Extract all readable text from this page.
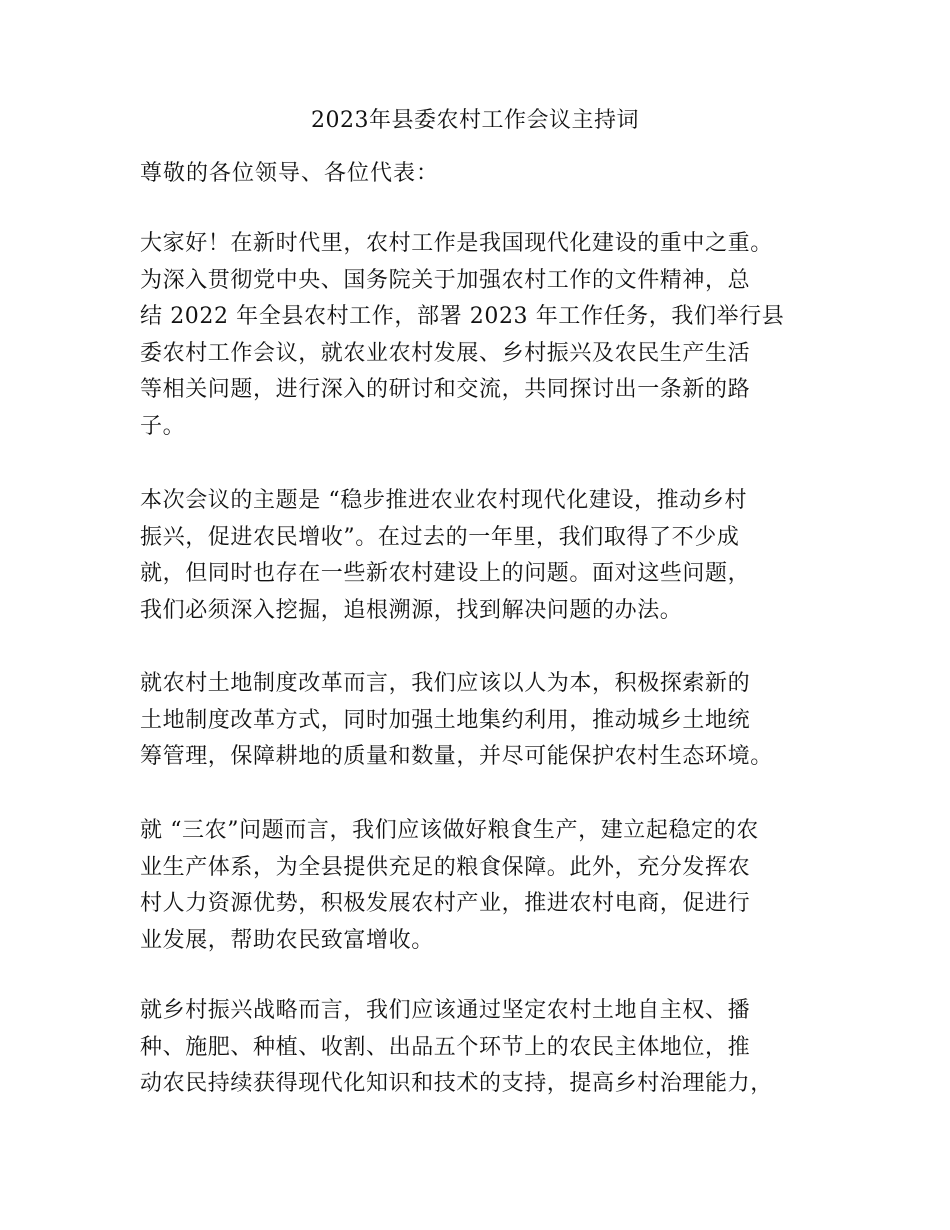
2023年县委农村工作会议主持词

尊敬的各位领导、各位代表：

大家好！在新时代里，农村工作是我国现代化建设的重中之重。
为深入贯彻党中央、国务院关于加强农村工作的文件精神，总
结 2022 年全县农村工作，部署 2023 年工作任务，我们举行县
委农村工作会议，就农业农村发展、乡村振兴及农民生产生活
等相关问题，进行深入的研讨和交流，共同探讨出一条新的路
子。

本次会议的主题是 “稳步推进农业农村现代化建设，推动乡村
振兴，促进农民增收”。在过去的一年里，我们取得了不少成
就，但同时也存在一些新农村建设上的问题。面对这些问题，
我们必须深入挖掘，追根溯源，找到解决问题的办法。

就农村土地制度改革而言，我们应该以人为本，积极探索新的
土地制度改革方式，同时加强土地集约利用，推动城乡土地统
筹管理，保障耕地的质量和数量，并尽可能保护农村生态环境。

就 “三农”问题而言，我们应该做好粮食生产，建立起稳定的农
业生产体系，为全县提供充足的粮食保障。此外，充分发挥农
村人力资源优势，积极发展农村产业，推进农村电商，促进行
业发展，帮助农民致富增收。

就乡村振兴战略而言，我们应该通过坚定农村土地自主权、播
种、施肥、种植、收割、出品五个环节上的农民主体地位，推
动农民持续获得现代化知识和技术的支持，提高乡村治理能力，
